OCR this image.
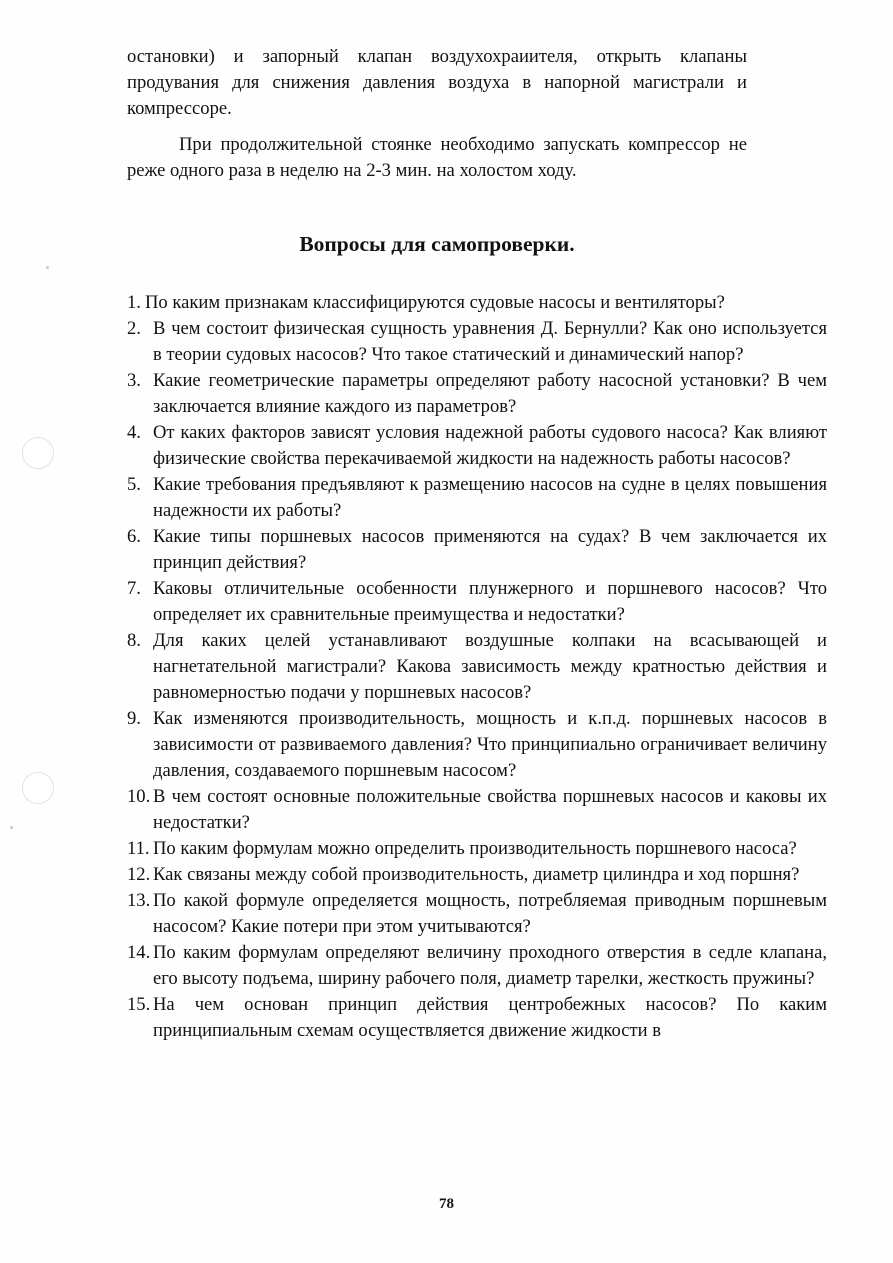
остановки) и запорный клапан воздухохраиителя, открыть клапаны продувания для снижения давления воздуха в напорной магистрали и компрессоре.

При продолжительной стоянке необходимо запускать компрессор не реже одного раза в неделю на 2-3 мин. на холостом ходу.

Вопросы для самопроверки.
1. По каким признакам классифицируются судовые насосы и вентиляторы?
2. В чем состоит физическая сущность уравнения Д. Бернулли? Как оно используется в теории судовых насосов? Что такое статический и динамический напор?
3. Какие геометрические параметры определяют работу насосной установки? В чем заключается влияние каждого из параметров?
4. От каких факторов зависят условия надежной работы судового насоса? Как влияют физические свойства перекачиваемой жидкости на надежность работы насосов?
5. Какие требования предъявляют к размещению насосов на судне в целях повышения надежности их работы?
6. Какие типы поршневых насосов применяются на судах? В чем заключается их принцип действия?
7. Каковы отличительные особенности плунжерного и поршневого насосов? Что определяет их сравнительные преимущества и недостатки?
8. Для каких целей устанавливают воздушные колпаки на всасывающей и нагнетательной магистрали? Какова зависимость между кратностью действия и равномерностью подачи у поршневых насосов?
9. Как изменяются производительность, мощность и к.п.д. поршневых насосов в зависимости от развиваемого давления? Что принципиально ограничивает величину давления, создаваемого поршневым насосом?
10. В чем состоят основные положительные свойства поршневых насосов и каковы их недостатки?
11. По каким формулам можно определить производительность поршневого насоса?
12. Как связаны между собой производительность, диаметр цилиндра и ход поршня?
13. По какой формуле определяется мощность, потребляемая приводным поршневым насосом? Какие потери при этом учитываются?
14. По каким формулам определяют величину проходного отверстия в седле клапана, его высоту подъема, ширину рабочего поля, диаметр тарелки, жесткость пружины?
15. На чем основан принцип действия центробежных насосов? По каким принципиальным схемам осуществляется движение жидкости в
78
